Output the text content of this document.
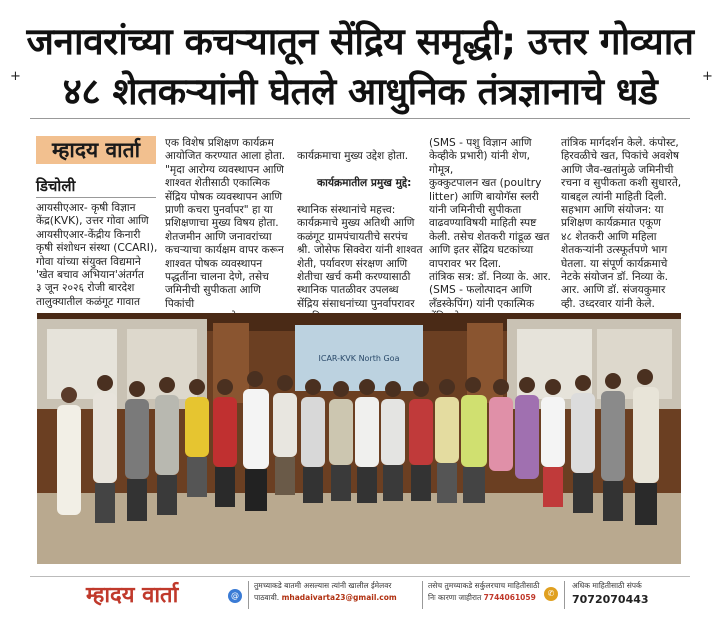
+	+
जनावरांच्या कचऱ्यातून सेंद्रिय समृद्धी; उत्तर गोव्यात
४८ शेतकऱ्यांनी घेतले आधुनिक तंत्रज्ञानाचे धडे
म्हादय वार्ता
डिचोली
आयसीएआर- कृषी विज्ञान
केंद्र(KVK), उत्तर गोवा आणि
आयसीएआर-केंद्रीय किनारी
कृषी संशोधन संस्था (CCARI),
गोवा यांच्या संयुक्त विद्यमाने
'खेत बचाव अभियान'अंतर्गत
३ जून २०२६ रोजी बारदेश
तालुक्यातील कळंगूट गावात
एक विशेष प्रशिक्षण कार्यक्रम
आयोजित करण्यात आला होता.
"मृदा आरोग्य व्यवस्थापन आणि
शाश्वत शेतीसाठी एकात्मिक
सेंद्रिय पोषक व्यवस्थापन आणि
प्राणी कचरा पुनर्वापर" हा या
प्रशिक्षणाचा मुख्य विषय होता.
शेतजमीन आणि जनावरांच्या
कचऱ्याचा कार्यक्षम वापर करून
शाश्वत पोषक व्यवस्थापन
पद्धतींना चालना देणे, तसेच
जमिनीची सुपीकता आणि पिकांची

कार्यक्रमाचा मुख्य उद्देश होता.

कार्यक्रमातील प्रमुख मुद्दे:

स्थानिक संस्थानांचे महत्त्व:
कार्यक्रमाचे मुख्य अतिथी आणि
कळंगूट ग्रामपंचायतीचे सरपंच
श्री. जोसेफ सिक्वेरा यांनी शाश्वत
शेती, पर्यावरण संरक्षण आणि
शेतीचा खर्च कमी करण्यासाठी
स्थानिक पातळीवर उपलब्ध
सेंद्रिय संसाधनांच्या पुनर्वापरावर

(SMS - पशु विज्ञान आणि
केव्हीके प्रभारी) यांनी शेण, गोमूत्र,
कुक्कुटपालन खत (poultry
litter) आणि बायोगॅस स्लरी
यांनी जमिनीची सुपीकता
वाढवण्याविषयी माहिती स्पष्ट
केली. तसेच शेतकरी गांडूळ खत
आणि इतर सेंद्रिय घटकांच्या
वापरावर भर दिला.
तांत्रिक सत्र: डॉ. निव्या के. आर.
(SMS - फलोत्पादन आणि
लॅंडस्केपिंग) यांनी एकात्मिक

तांत्रिक मार्गदर्शन केले. कंपोस्ट,
हिरवळीचे खत, पिकांचे अवशेष
आणि जैव-खतांमुळे जमिनीची
रचना व सुपीकता कशी सुधारते,
याबद्दल त्यांनी माहिती दिली.
सहभाग आणि संयोजन: या
प्रशिक्षण कार्यक्रमात एकूण
४८ शेतकरी आणि महिला
शेतकऱ्यांनी उत्स्फूर्तपणे भाग
घेतला. या संपूर्ण कार्यक्रमाचे
नेटके संयोजन डॉ. निव्या के.
आर. आणि डॉ. संजयकुमार
व्ही. उध्दरवार यांनी केले.
ICAR-KVK North Goa
म्हादय वार्ता	@
तुमच्याकडे बातमी असल्यास त्यांनी खालील ईमेलवर
पाठवावी. mhadaivarta23@gmail.com
तसेच तुमच्याकडे सर्कुलरचाच माहितीसाठी
निः कारणा जाहीरात 7744061059	✆
अधिक माहितीसाठी संपर्क
7072070443
